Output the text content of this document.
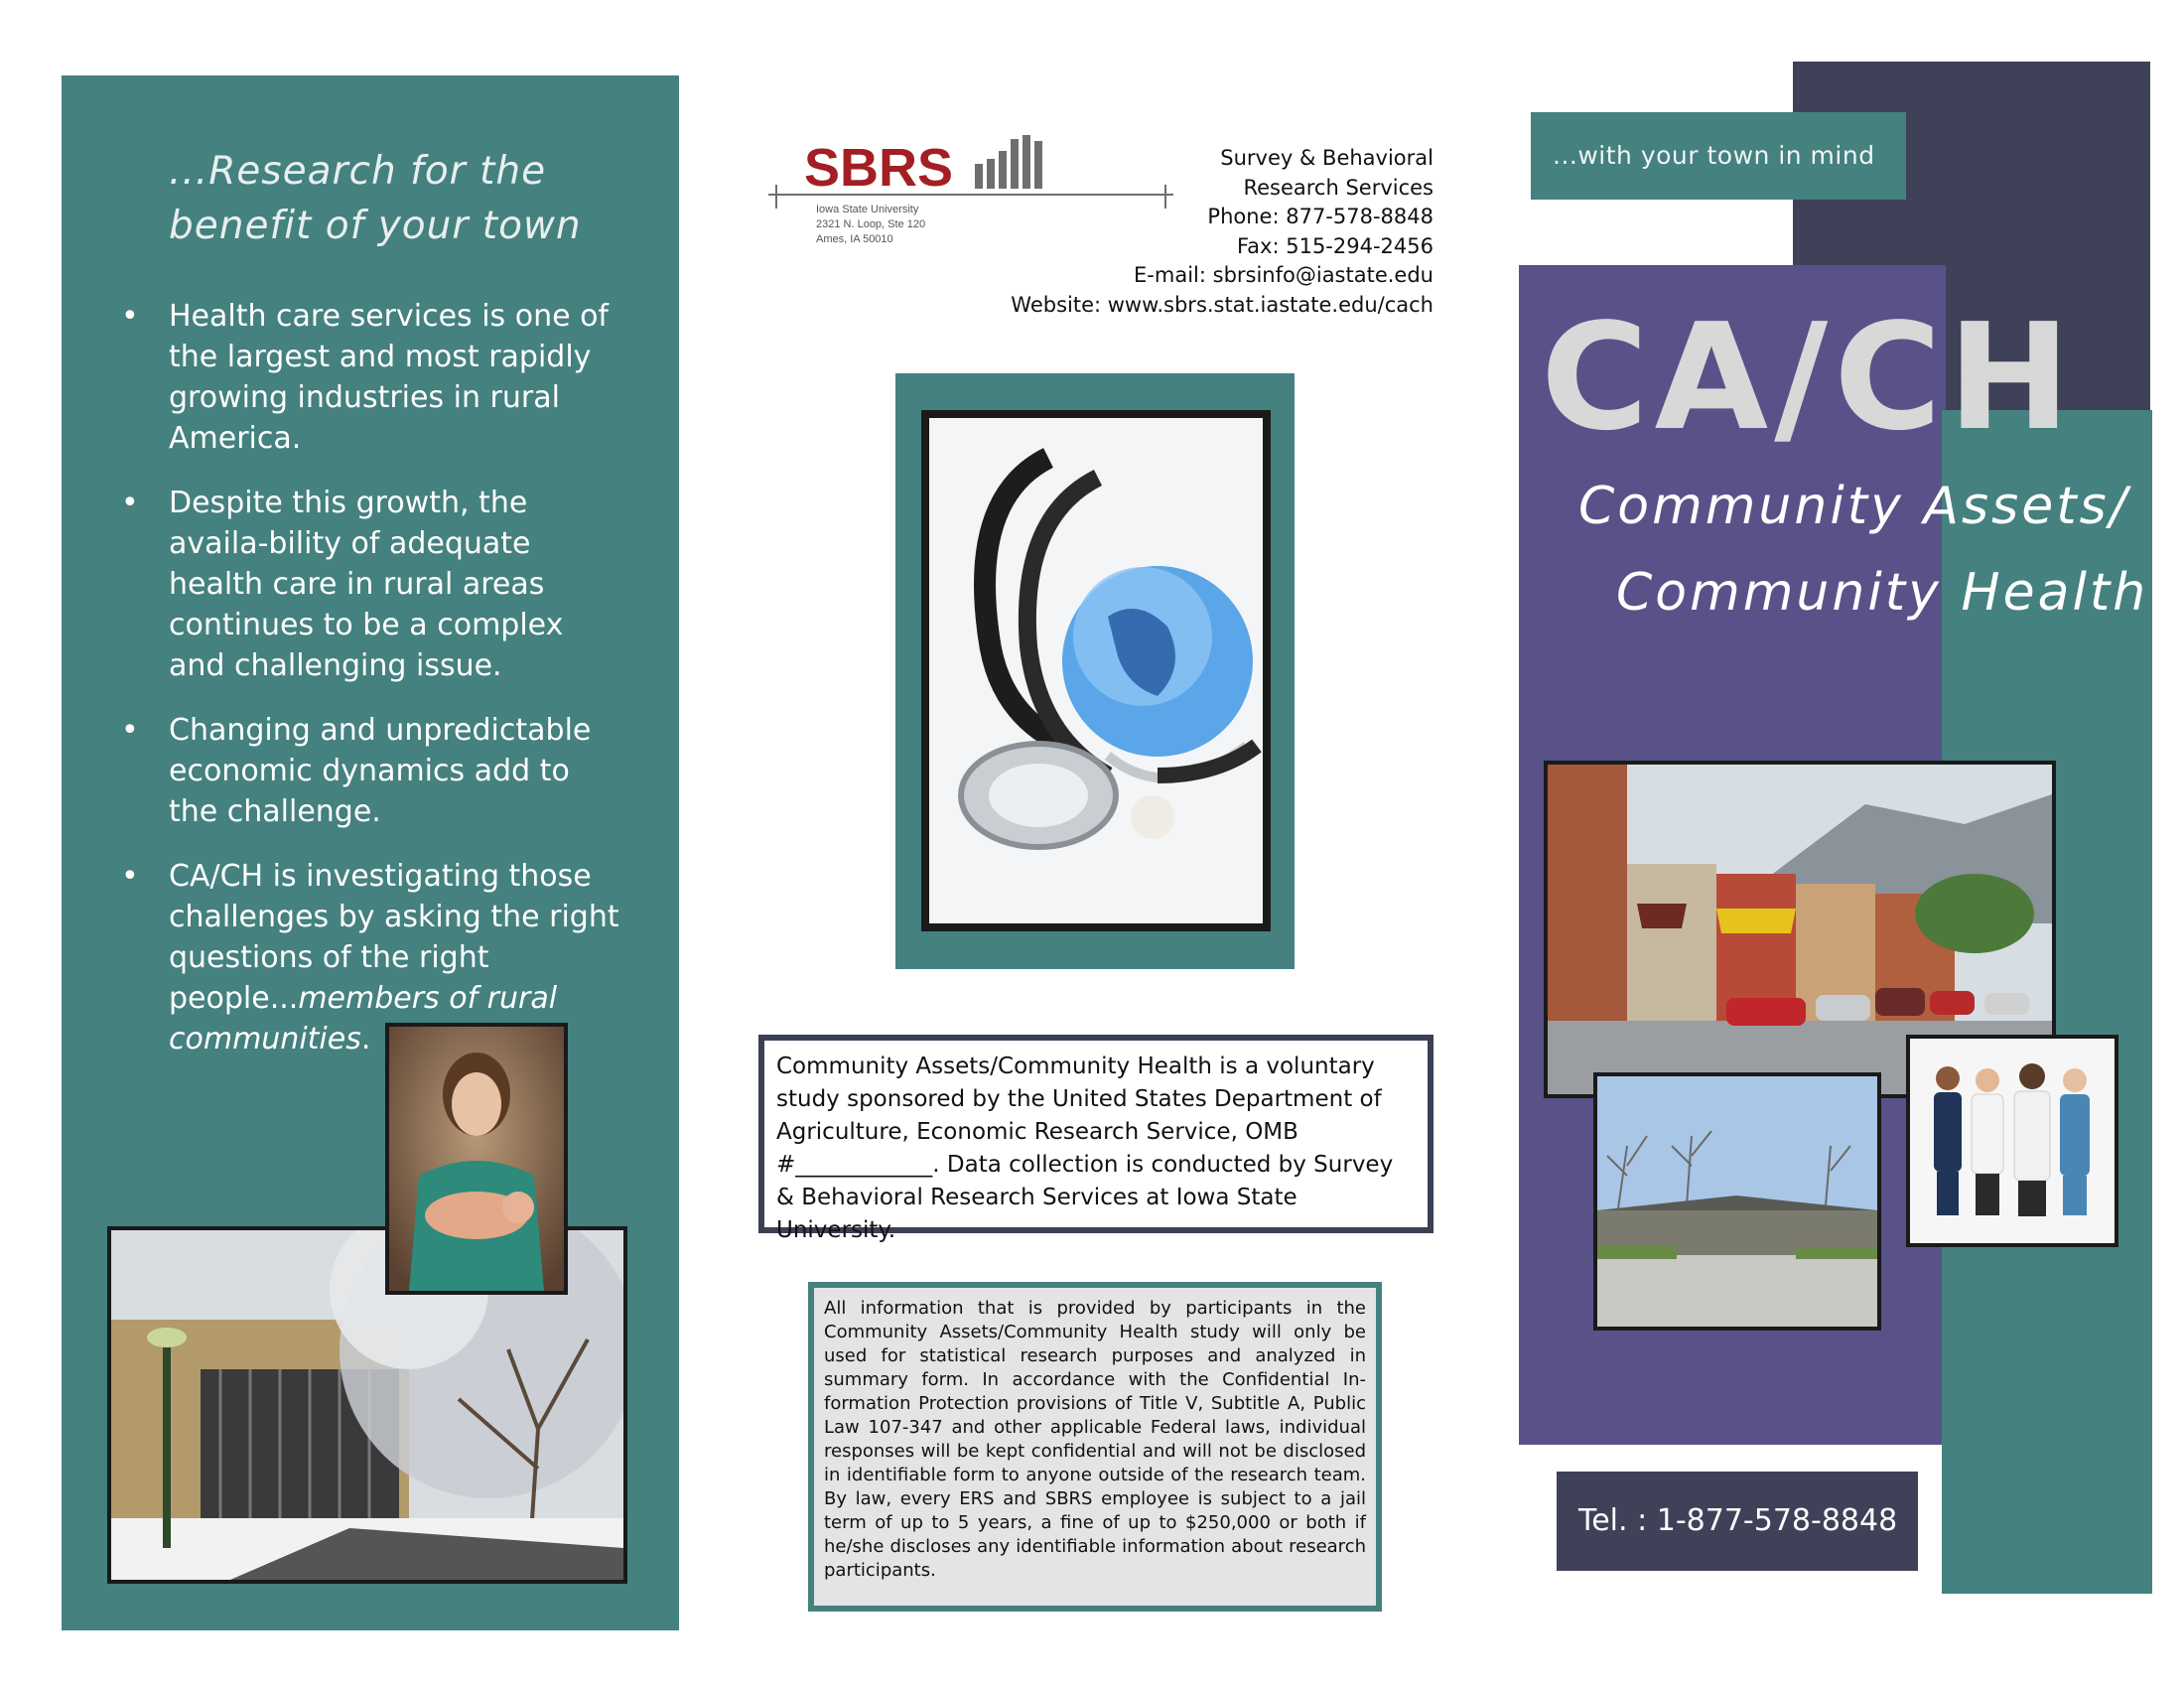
...Research for the
benefit of your town
• Health care services is one of the largest and most rapidly growing industries in rural America.
• Despite this growth, the availa-bility of adequate health care in rural areas continues to be a complex and challenging issue.
• Changing and unpredictable economic dynamics add to the challenge.
• CA/CH is investigating those challenges by asking the right questions of the right people...members of rural communities.
SBRS
Iowa State University
2321 N. Loop, Ste 120
Ames, IA 50010
Survey & Behavioral
Research Services
Phone: 877-578-8848
Fax: 515-294-2456
E-mail: sbrsinfo@iastate.edu
Website: www.sbrs.stat.iastate.edu/cach
Community Assets/Community Health is a voluntary study sponsored by the United States Department of Agriculture, Economic Research Service, OMB #____________. Data collection is conducted by Survey & Behavioral Research Services at Iowa State University.
All information that is provided by participants in the Community Assets/Community Health study will only be used for statistical research purposes and analyzed in summary form. In accordance with the Confidential In-formation Protection provisions of Title V, Subtitle A, Public Law 107-347 and other applicable Federal laws, individual responses will be kept confidential and will not be disclosed in identifiable form to anyone outside of the research team. By law, every ERS and SBRS employee is subject to a jail term of up to 5 years, a fine of up to $250,000 or both if he/she discloses any identifiable information about research participants.
...with your town in mind
CA/CH
Community Assets/
Community Health
Tel. : 1-877-578-8848
